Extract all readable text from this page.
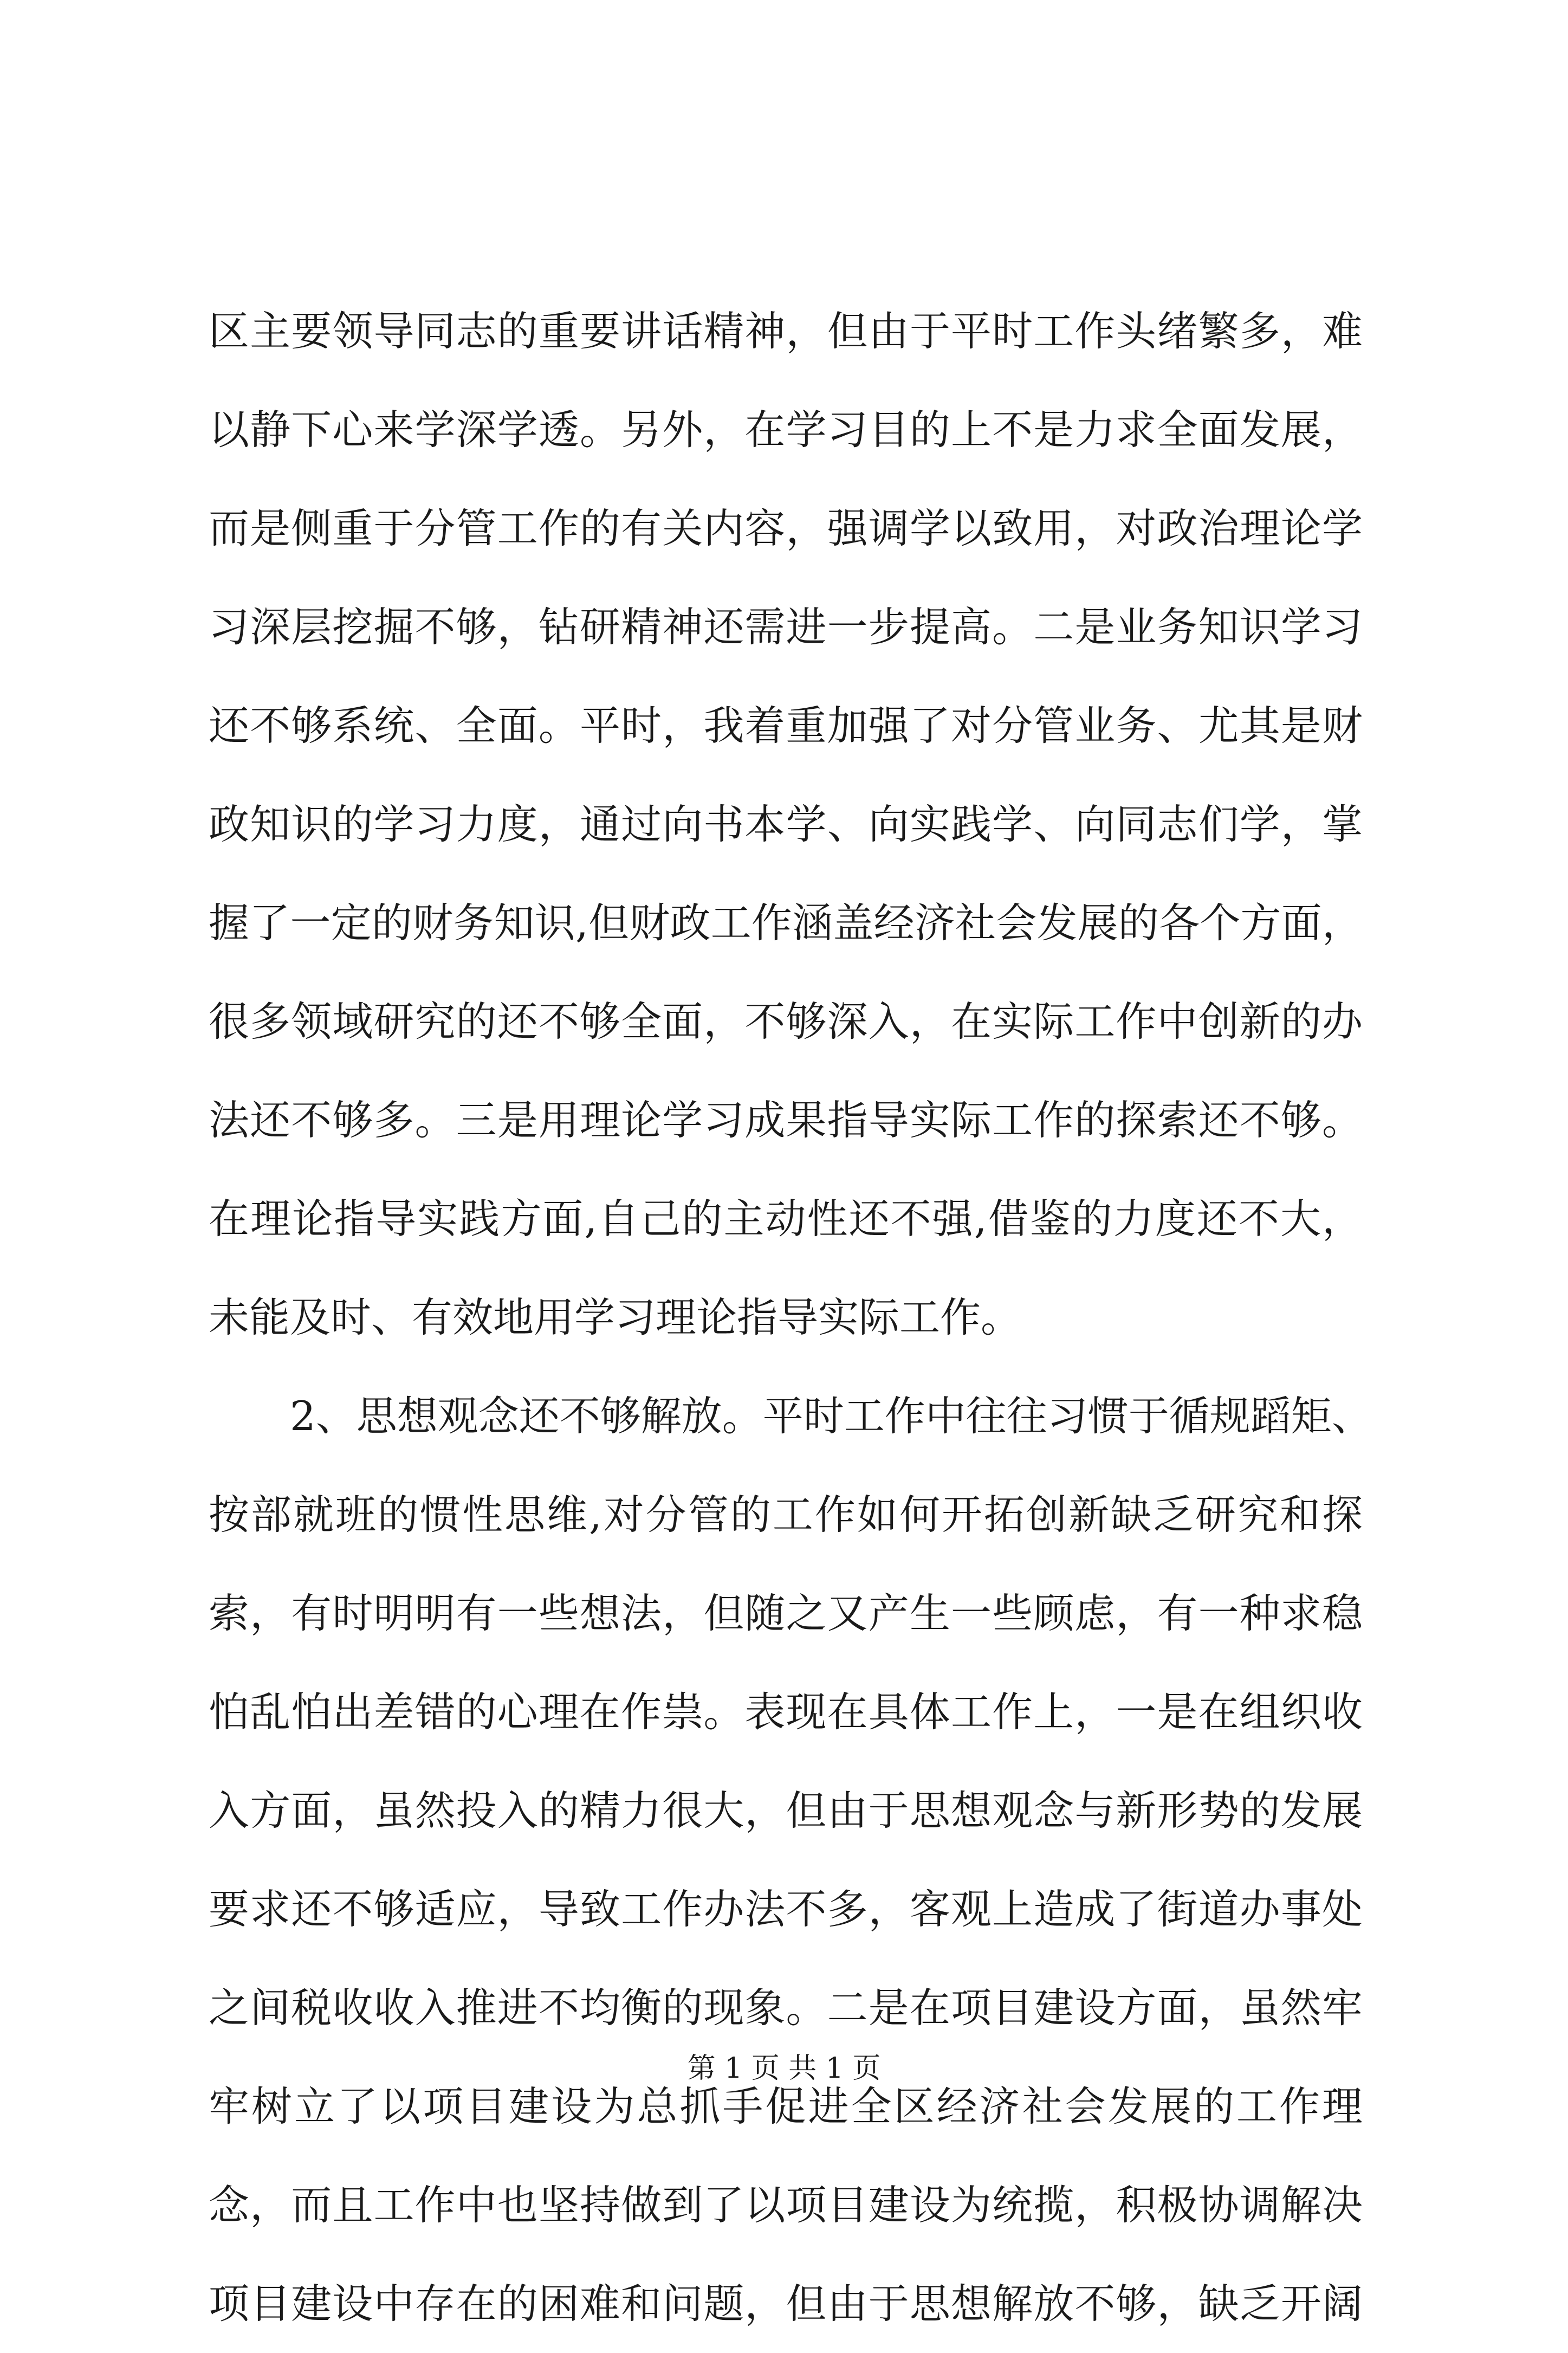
区主要领导同志的重要讲话精神，但由于平时工作头绪繁多，难
以静下心来学深学透。另外，在学习目的上不是力求全面发展，
而是侧重于分管工作的有关内容，强调学以致用，对政治理论学
习深层挖掘不够，钻研精神还需进一步提高。二是业务知识学习
还不够系统、全面。平时，我着重加强了对分管业务、尤其是财
政知识的学习力度，通过向书本学、向实践学、向同志们学，掌
握了一定的财务知识,但财政工作涵盖经济社会发展的各个方面，
很多领域研究的还不够全面，不够深入，在实际工作中创新的办
法还不够多。三是用理论学习成果指导实际工作的探索还不够。
在理论指导实践方面,自己的主动性还不强,借鉴的力度还不大，
未能及时、有效地用学习理论指导实际工作。
2、思想观念还不够解放。平时工作中往往习惯于循规蹈矩、
按部就班的惯性思维,对分管的工作如何开拓创新缺乏研究和探
索，有时明明有一些想法，但随之又产生一些顾虑，有一种求稳
怕乱怕出差错的心理在作祟。表现在具体工作上，一是在组织收
入方面，虽然投入的精力很大，但由于思想观念与新形势的发展
要求还不够适应，导致工作办法不多，客观上造成了街道办事处
之间税收收入推进不均衡的现象。二是在项目建设方面，虽然牢
牢树立了以项目建设为总抓手促进全区经济社会发展的工作理
念，而且工作中也坚持做到了以项目建设为统揽，积极协调解决
项目建设中存在的困难和问题，但由于思想解放不够，缺乏开阔
第 1 页 共 1 页
